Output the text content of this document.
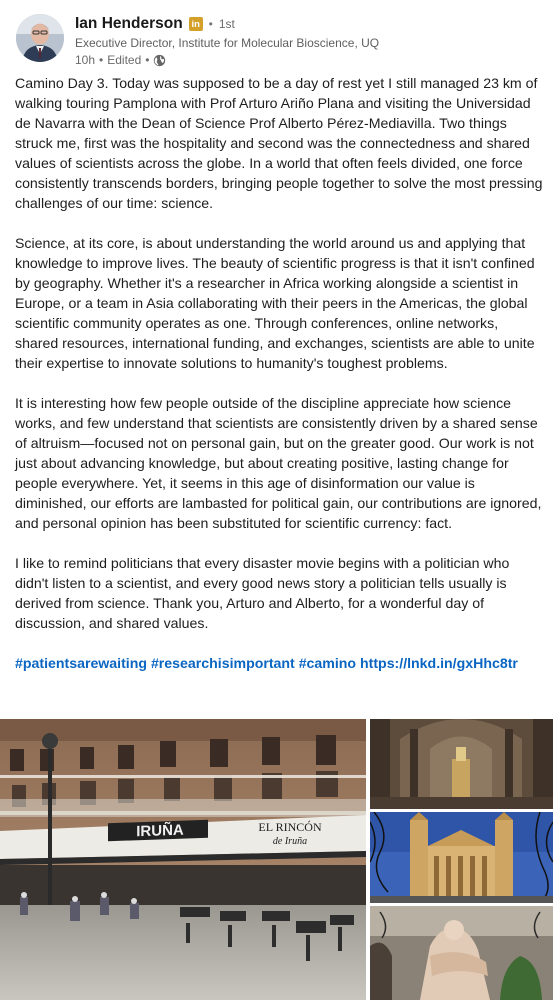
Ian Henderson in • 1st
Executive Director, Institute for Molecular Bioscience, UQ
10h • Edited •

Camino Day 3. Today was supposed to be a day of rest yet I still managed 23 km of walking touring Pamplona with Prof Arturo Ariño Plana and visiting the Universidad de Navarra with the Dean of Science Prof Alberto Pérez-Mediavilla. Two things struck me, first was the hospitality and second was the connectedness and shared values of scientists across the globe. In a world that often feels divided, one force consistently transcends borders, bringing people together to solve the most pressing challenges of our time: science.

Science, at its core, is about understanding the world around us and applying that knowledge to improve lives. The beauty of scientific progress is that it isn't confined by geography. Whether it's a researcher in Africa working alongside a scientist in Europe, or a team in Asia collaborating with their peers in the Americas, the global scientific community operates as one. Through conferences, online networks, shared resources, international funding, and exchanges, scientists are able to unite their expertise to innovate solutions to humanity's toughest problems.

It is interesting how few people outside of the discipline appreciate how science works, and few understand that scientists are consistently driven by a shared sense of altruism—focused not on personal gain, but on the greater good. Our work is not just about advancing knowledge, but about creating positive, lasting change for people everywhere. Yet, it seems in this age of disinformation our value is diminished, our efforts are lambasted for political gain, our contributions are ignored, and personal opinion has been substituted for scientific currency: fact.

I like to remind politicians that every disaster movie begins with a politician who didn't listen to a scientist, and every good news story a politician tells usually is derived from science. Thank you, Arturo and Alberto, for a wonderful day of discussion, and shared values.

#patientsarewaiting #researchisimportant #camino https://lnkd.in/gxHhc8tr

IRUÑA	EL RINCÓN
de Iruña
